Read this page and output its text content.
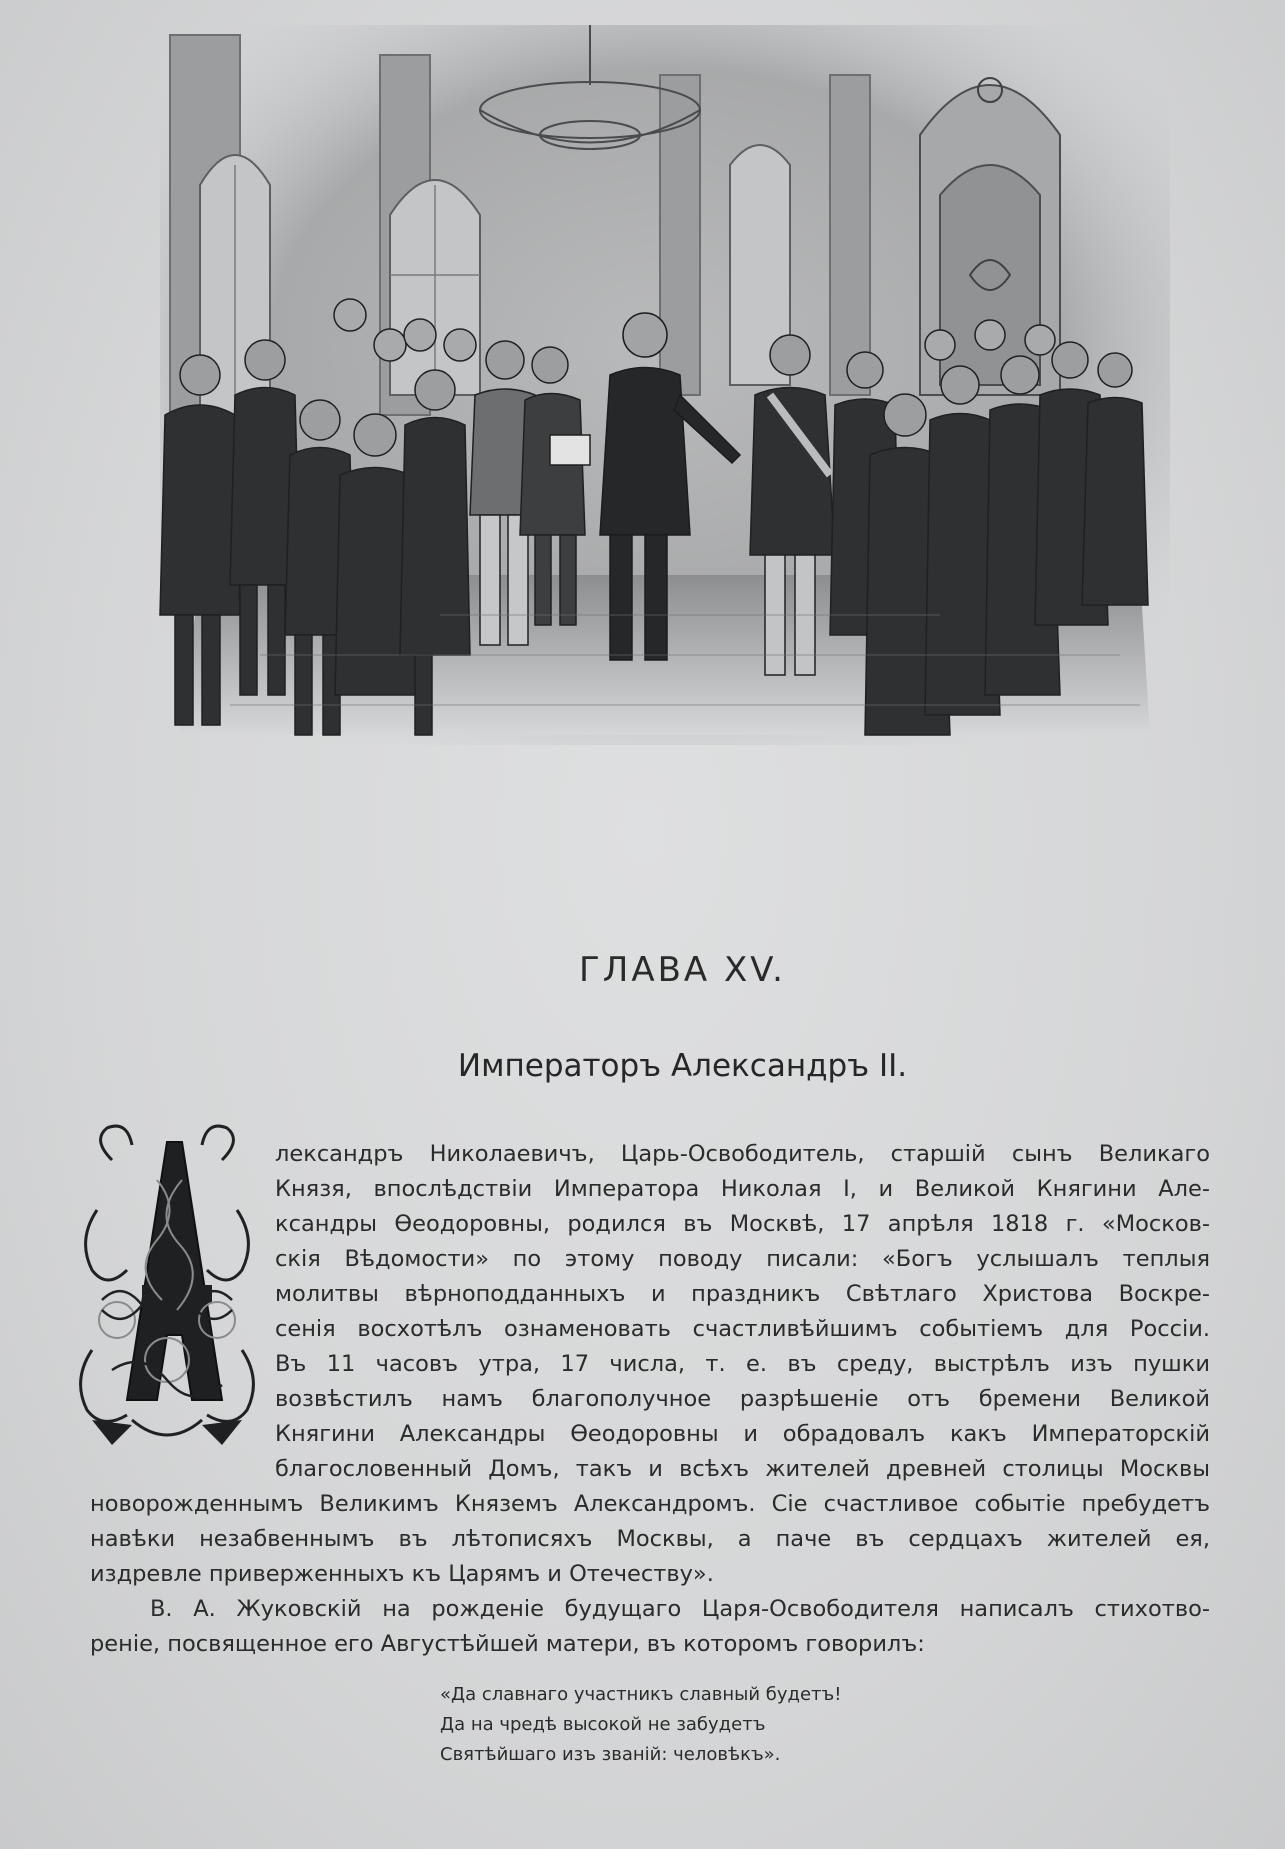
ГЛАВА XV.
Императоръ Александръ II.
лександръ Николаевичъ, Царь-Освободитель, старшій сынъ Великаго
Князя, впослѣдствіи Императора Николая I, и Великой Княгини Але-
ксандры Ѳеодоровны, родился въ Москвѣ, 17 апрѣля 1818 г. «Москов-
скія Вѣдомости» по этому поводу писали: «Богъ услышалъ теплыя
молитвы вѣрноподданныхъ и праздникъ Свѣтлаго Христова Воскре-
сенія восхотѣлъ ознаменовать счастливѣйшимъ событіемъ для Россіи.
Въ 11 часовъ утра, 17 числа, т. е. въ среду, выстрѣлъ изъ пушки
возвѣстилъ намъ благополучное разрѣшеніе отъ бремени Великой
Княгини Александры Ѳеодоровны и обрадовалъ какъ Императорскій
благословенный Домъ, такъ и всѣхъ жителей древней столицы Москвы
новорожденнымъ Великимъ Княземъ Александромъ. Сіе счастливое событіе пребудетъ
навѣки незабвеннымъ въ лѣтописяхъ Москвы, а паче въ сердцахъ жителей ея,
издревле приверженныхъ къ Царямъ и Отечеству».
В. А. Жуковскій на рожденіе будущаго Царя-Освободителя написалъ стихотво-
реніе, посвященное его Августѣйшей матери, въ которомъ говорилъ:
«Да славнаго участникъ славный будетъ!
Да на чредѣ высокой не забудетъ
Святѣйшаго изъ званій: человѣкъ».
